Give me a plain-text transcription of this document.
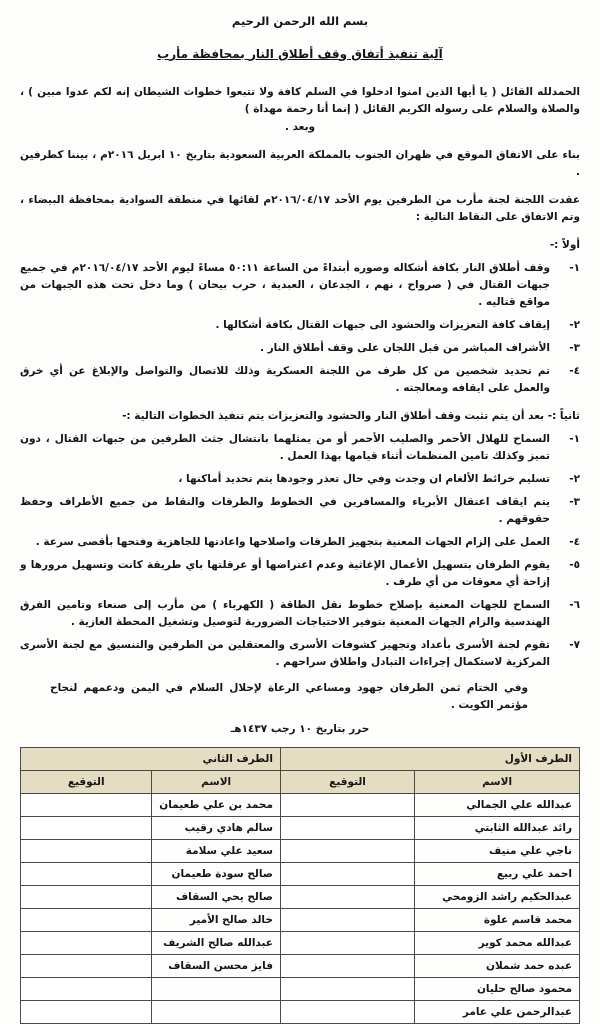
بسم الله الرحمن الرحيم
آلية تنفيذ أتفاق وقف أطلاق النار بمحافظة مأرب

الحمدلله القائل ( يا أيها الذين امنوا ادخلوا في السلم كافة ولا تتبعوا خطوات الشيطان إنه لكم عدوا مبين ) ، والصلاة والسلام على رسوله الكريم القائل ( إنما أنا رحمة مهداة )

وبعد .

بناء على الاتفاق الموقع في ظهران الجنوب بالمملكة العربية السعودية بتاريخ ١٠ ابريل ٢٠١٦م ، بيننا كطرفين .

عقدت اللجنة لجنة مأرب من الطرفين يوم الأحد ٢٠١٦/٠٤/١٧م لقائها في منطقة السوادية بمحافظة البيضاء ، وتم الاتفاق على النقاط التالية :

أولاً :-
١-
وقف أطلاق النار بكافة أشكاله وصوره أبتداءً من الساعة ٥٠:١١ مساءً ليوم الأحد ٢٠١٦/٠٤/١٧م في جميع جبهات القتال في ( صرواح ، نهم ، الجدعان ، العبدية ، حرب بيحان ) وما دخل تحت هذه الجبهات من مواقع قتاليه .
٢-
إيقاف كافة التعزيزات والحشود الى جبهات القتال بكافة أشكالها .
٣-
الأشراف المباشر من قبل اللجان على وقف أطلاق النار .
٤-
تم تحديد شخصين من كل طرف من اللجنة العسكرية وذلك للاتصال والتواصل والإبلاغ عن أي خرق والعمل على ايقافه ومعالجته .
ثانياً :- بعد أن يتم تثبت وقف أطلاق النار والحشود والتعزيزات يتم تنفيذ الخطوات التالية :-
١-
السماح للهلال الأحمر والصليب الأحمر أو من يمثلهما بانتشال جثث الطرفين من جبهات القتال ، دون تميز وكذلك تامين المنظمات أثناء قيامها بهذا العمل .
٢-
تسليم خرائط الألغام ان وجدت وفي حال تعذر وجودها يتم تحديد أماكنها ،
٣-
يتم ايقاف اعتقال الأبرياء والمسافرين في الخطوط والطرقات والنقاط من جميع الأطراف وحفظ حقوقهم .
٤-
العمل على إلزام الجهات المعنية بتجهيز الطرقات واصلاحها واعادتها للجاهزية وفتحها بأقصى سرعة .
٥-
يقوم الطرفان بتسهيل الأعمال الإغاثية وعدم اعتراضها أو عرقلتها باي طريقة كانت وتسهيل مرورها و إزاحة أي معوقات من أي طرف .
٦-
السماح للجهات المعنية بإصلاح خطوط نقل الطاقة ( الكهرباء ) من مأرب إلى صنعاء وتامين الفرق الهندسية والزام الجهات المعنية بتوفير الاحتياجات الضرورية لتوصيل وتشغيل المحطة الغازية .
٧-
تقوم لجنة الأسرى بأعداد وتجهيز كشوفات الأسرى والمعتقلين من الطرفين والتنسيق مع لجنة الأسرى المركزية لاستكمال إجراءات التبادل واطلاق سراحهم .

وفي الختام ثمن الطرفان جهود ومساعي الرعاة لإحلال السلام في اليمن ودعمهم لنجاح مؤتمر الكويت .

حرر بتاريخ ١٠ رجب ١٤٣٧هـ
الطرف الأول		الطرف الثاني	
الاسم	التوقيع	الاسم	التوقيع
عبدالله علي الجمالي		محمد بن علي طعيمان	
رائد عبدالله الثابتي		سالم هادي رقيب	
ناجي علي منيف		سعيد علي سلامة	
احمد علي ربيع		صالح سودة طعيمان	
عبدالحكيم راشد الزومحي		صالح يحي السقاف	
محمد قاسم علوة		خالد صالح الأمير	
عبدالله محمد كوير		عبدالله صالح الشريف	
عبده حمد شملان		فايز محسن السقاف	
محمود صالح حليان			
عبدالرحمن علي عامر			
